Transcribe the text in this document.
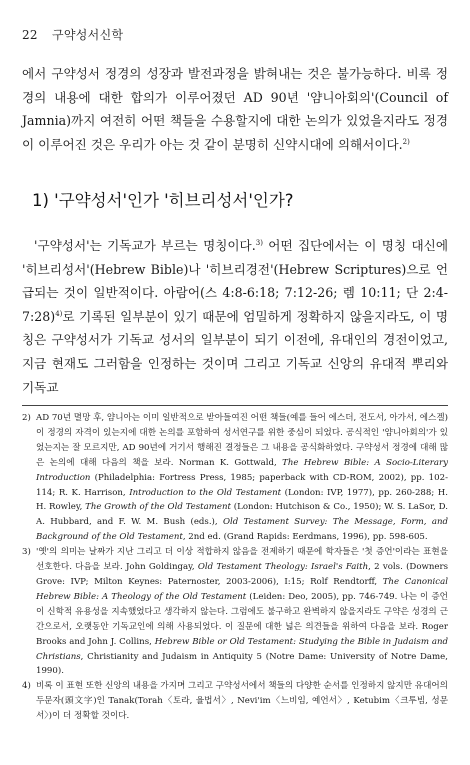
22 구약성서신학
에서 구약성서 정경의 성장과 발전과정을 밝혀내는 것은 불가능하다. 비록 정경의 내용에 대한 합의가 이루어졌던 AD 90년 '얌니아회의'(Council of Jamnia)까지 여전히 어떤 책들을 수용할지에 대한 논의가 있었을지라도 정경이 이루어진 것은 우리가 아는 것 같이 분명히 신약시대에 의해서이다.$^{2)}$
1) '구약성서'인가 '히브리성서'인가?
'구약성서'는 기독교가 부르는 명칭이다.$^{3)}$ 어떤 집단에서는 이 명칭 대신에 '히브리성서'(Hebrew Bible)나 '히브리경전'(Hebrew Scriptures)으로 언급되는 것이 일반적이다. 아람어(스 4:8-6:18; 7:12-26; 렘 10:11; 단 2:4-7:28)$^{4)}$로 기록된 일부분이 있기 때문에 엄밀하게 정확하지 않을지라도, 이 명칭은 구약성서가 기독교 성서의 일부분이 되기 이전에, 유대인의 경전이었고, 지금 현재도 그러함을 인정하는 것이며 그리고 기독교 신앙의 유대적 뿌리와 기독교

2) AD 70년 멸망 후, 얌니아는 이미 일반적으로 받아들여진 어떤 책들(예를 들어 에스더, 전도서, 아가서, 에스겔)이 정경의 자격이 있는지에 대한 논의를 포함하여 성서연구를 위한 중심이 되었다. 공식적인 '얌니아회의'가 있었는지는 잘 모르지만, AD 90년에 거기서 행해진 결정들은 그 내용을 공식화하였다. 구약성서 정경에 대해 많은 논의에 대해 다음의 책을 보라. Norman K. Gottwald, The Hebrew Bible: A Socio-Literary Introduction (Philadelphia: Fortress Press, 1985; paperback with CD-ROM, 2002), pp. 102-114; R. K. Harrison, Introduction to the Old Testament (London: IVP, 1977), pp. 260-288; H. H. Rowley, The Growth of the Old Testament (London: Hutchison & Co., 1950); W. S. LaSor, D. A. Hubbard, and F. W. M. Bush (eds.), Old Testament Survey: The Message, Form, and Background of the Old Testament, 2nd ed. (Grand Rapids: Eerdmans, 1996), pp. 598-605.

3) '옛'의 의미는 날짜가 지난 그리고 더 이상 적합하지 않음을 전제하기 때문에 학자들은 '첫 증언'이라는 표현을 선호한다. 다음을 보라. John Goldingay, Old Testament Theology: Israel's Faith, 2 vols. (Downers Grove: IVP; Milton Keynes: Paternoster, 2003-2006), I:15; Rolf Rendtorff, The Canonical Hebrew Bible: A Theology of the Old Testament (Leiden: Deo, 2005), pp. 746-749. 나는 이 증언이 신학적 유용성을 지속했었다고 생각하지 않는다. 그럼에도 불구하고 완벽하지 않을지라도 구약은 성경의 근간으로서, 오랫동안 기독교인에 의해 사용되었다. 이 질문에 대한 넓은 의견들을 위하여 다음을 보라. Roger Brooks and John J. Collins, Hebrew Bible or Old Testament: Studying the Bible in Judaism and Christians, Christianity and Judaism in Antiquity 5 (Notre Dame: University of Notre Dame, 1990).

4) 비록 이 표현 또한 신앙의 내용을 가지며 그리고 구약성서에서 책들의 다양한 순서를 인정하지 않지만 유대어의 두문자(頭文字)인 Tanak(Torah〈토라, 율법서〉, Nevi'im〈느비임, 예언서〉, Ketubim〈크투빔, 성문서〉)이 더 정확할 것이다.
